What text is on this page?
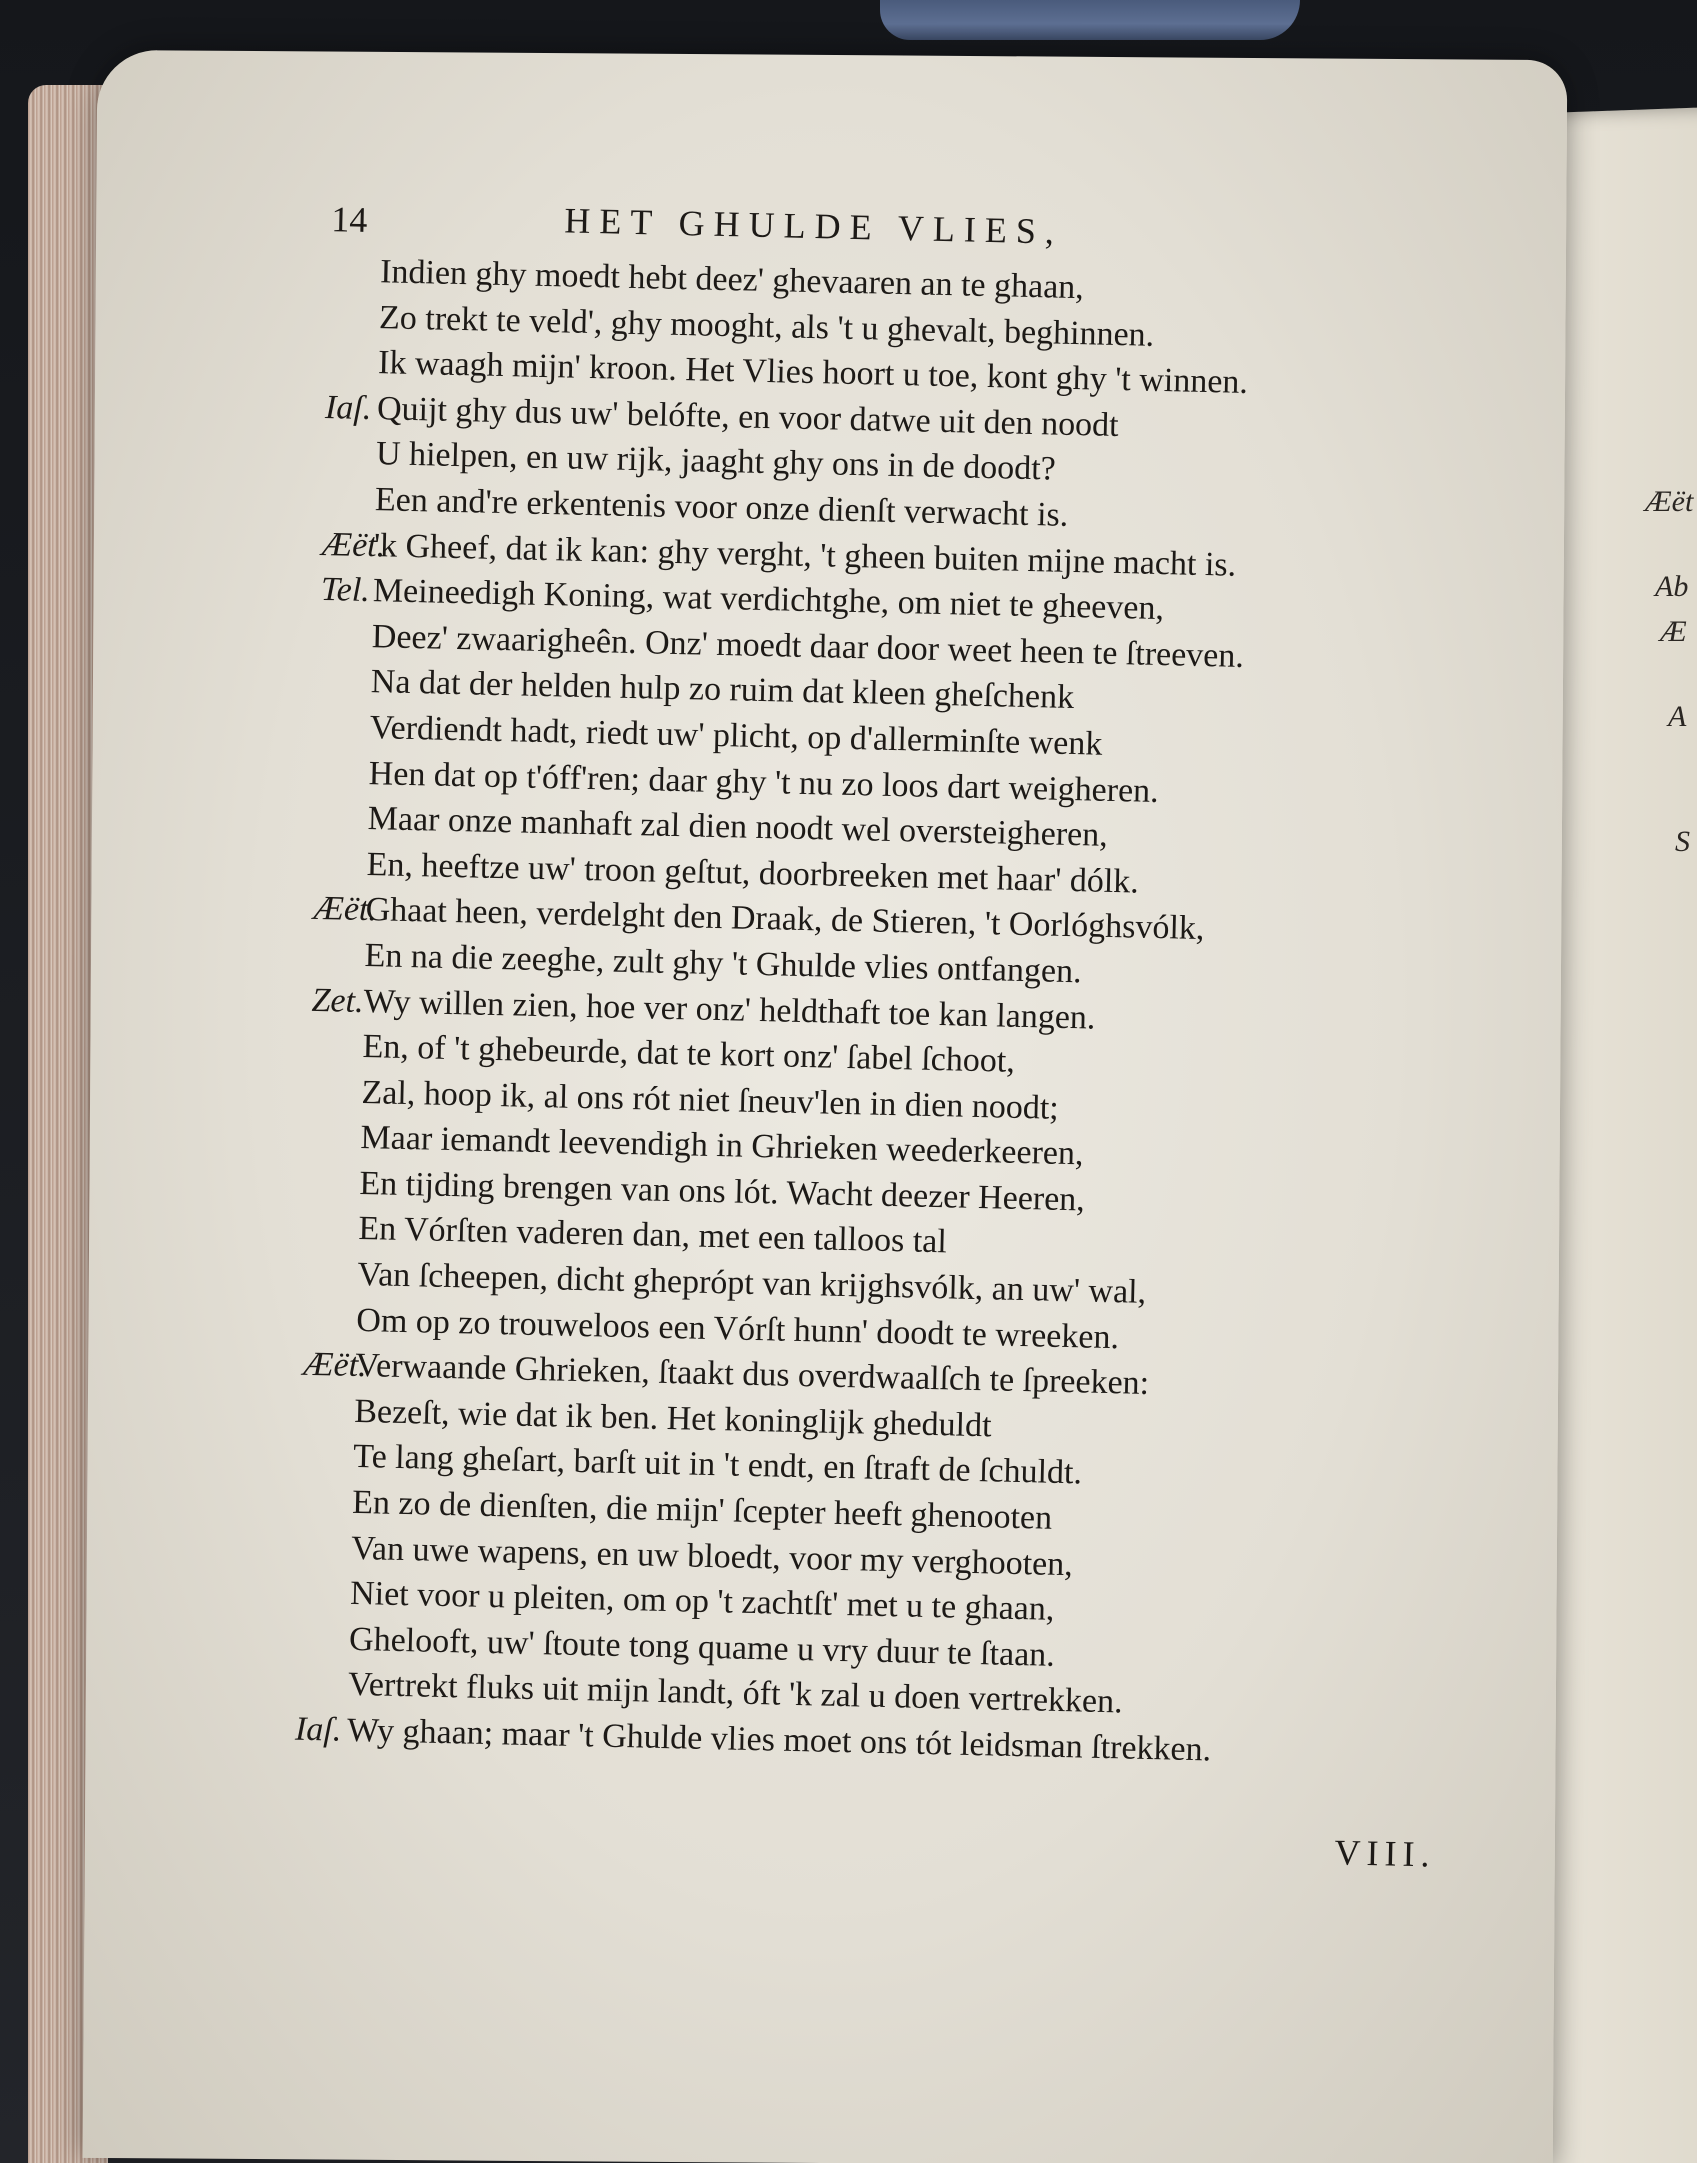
Æët
Ab
Æ
A
S
14	HET GHULDE VLIES,
Indien ghy moedt hebt deez' ghevaaren an te ghaan,
Zo trekt te veld', ghy mooght, als 't u ghevalt, beghinnen.
Ik waagh mijn' kroon. Het Vlies hoort u toe, kont ghy 't winnen.
Iaſ. Quijt ghy dus uw' belófte, en voor datwe uit den noodt
U hielpen, en uw rijk, jaaght ghy ons in de doodt?
Een and're erkentenis voor onze dienſt verwacht is.
Æët.
'k Gheef, dat ik kan: ghy verght, 't gheen buiten mijne macht is.
Tel. Meineedigh Koning, wat verdichtghe, om niet te gheeven,
Deez' zwaarigheên. Onz' moedt daar door weet heen te ſtreeven.
Na dat der helden hulp zo ruim dat kleen gheſchenk
Verdiendt hadt, riedt uw' plicht, op d'allerminſte wenk
Hen dat op t'óff'ren; daar ghy 't nu zo loos dart weigheren.
Maar onze manhaft zal dien noodt wel oversteigheren,
En, heeftze uw' troon geſtut, doorbreeken met haar' dólk.
Æët.
Ghaat heen, verdelght den Draak, de Stieren, 't Oorlóghsvólk,
En na die zeeghe, zult ghy 't Ghulde vlies ontfangen.
Zet. Wy willen zien, hoe ver onz' heldthaft toe kan langen.
En, of 't ghebeurde, dat te kort onz' ſabel ſchoot,
Zal, hoop ik, al ons rót niet ſneuv'len in dien noodt;
Maar iemandt leevendigh in Ghrieken weederkeeren,
En tijding brengen van ons lót. Wacht deezer Heeren,
En Vórſten vaderen dan, met een talloos tal
Van ſcheepen, dicht gheprópt van krijghsvólk, an uw' wal,
Om op zo trouweloos een Vórſt hunn' doodt te wreeken.
Æët.
Verwaande Ghrieken, ſtaakt dus overdwaalſch te ſpreeken:
Bezeſt, wie dat ik ben. Het koninglijk gheduldt
Te lang gheſart, barſt uit in 't endt, en ſtraft de ſchuldt.
En zo de dienſten, die mijn' ſcepter heeft ghenooten
Van uwe wapens, en uw bloedt, voor my verghooten,
Niet voor u pleiten, om op 't zachtſt' met u te ghaan,
Ghelooft, uw' ſtoute tong quame u vry duur te ſtaan.
Vertrekt fluks uit mijn landt, óft 'k zal u doen vertrekken.
Iaſ. Wy ghaan; maar 't Ghulde vlies moet ons tót leidsman ſtrekken.
VIII.
